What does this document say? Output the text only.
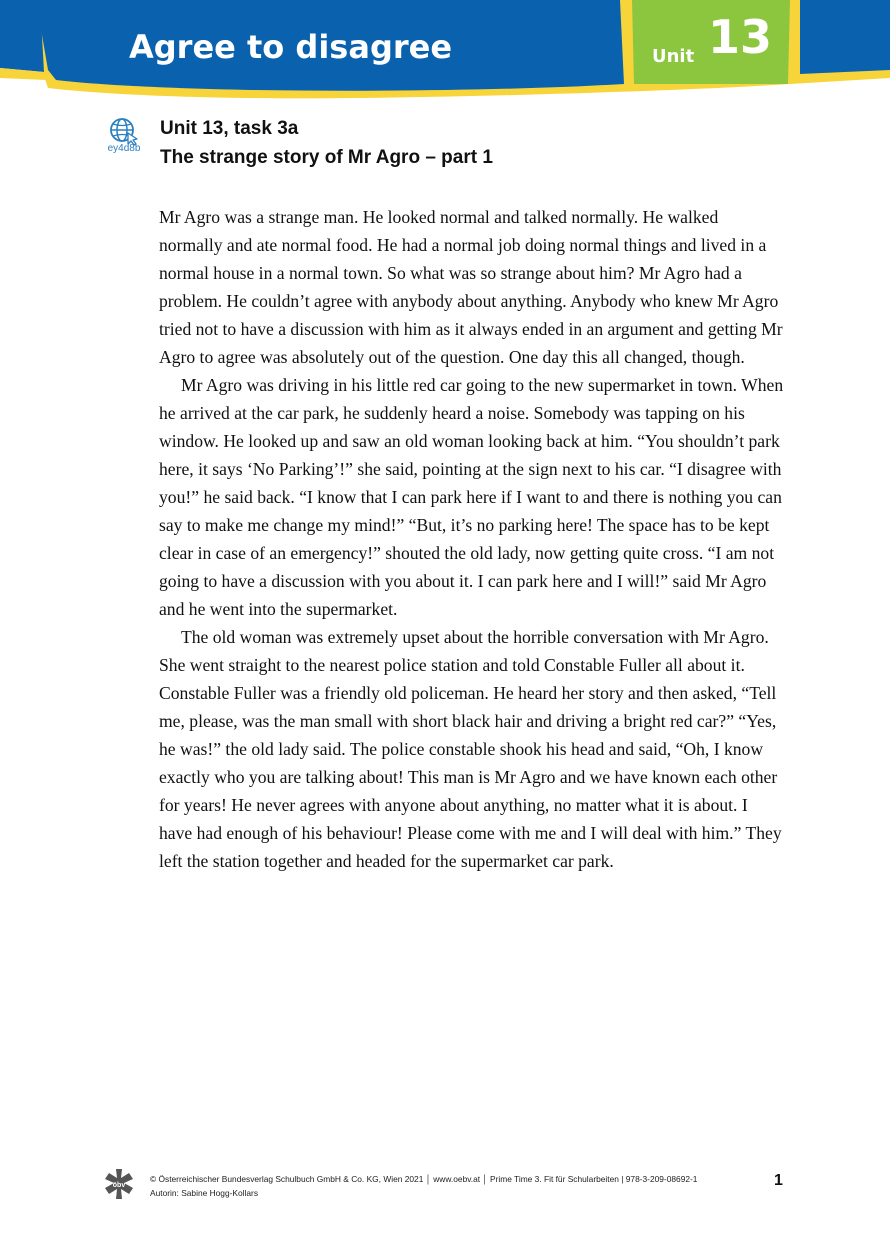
Agree to disagree	Unit 13
ey4d8b
Unit 13, task 3a
The strange story of Mr Agro – part 1

Mr Agro was a strange man. He looked normal and talked normally. He walked normally and ate normal food. He had a normal job doing normal things and lived in a normal house in a normal town. So what was so strange about him? Mr Agro had a problem. He couldn’t agree with anybody about anything. Anybody who knew Mr Agro tried not to have a discussion with him as it always ended in an argument and getting Mr Agro to agree was absolutely out of the question. One day this all changed, though.

Mr Agro was driving in his little red car going to the new supermarket in town. When he arrived at the car park, he suddenly heard a noise. Somebody was tapping on his window. He looked up and saw an old woman looking back at him. “You shouldn’t park here, it says ‘No Parking’!” she said, pointing at the sign next to his car. “I disagree with you!” he said back. “I know that I can park here if I want to and there is nothing you can say to make me change my mind!” “But, it’s no parking here! The space has to be kept clear in case of an emergency!” shouted the old lady, now getting quite cross. “I am not going to have a discussion with you about it. I can park here and I will!” said Mr Agro and he went into the supermarket.

The old woman was extremely upset about the horrible conversation with Mr Agro. She went straight to the nearest police station and told Constable Fuller all about it. Constable Fuller was a friendly old policeman. He heard her story and then asked, “Tell me, please, was the man small with short black hair and driving a bright red car?” “Yes, he was!” the old lady said. The police constable shook his head and said, “Oh, I know exactly who you are talking about! This man is Mr Agro and we have known each other for years! He never agrees with anyone about anything, no matter what it is about. I have had enough of his behaviour! Please come with me and I will deal with him.” They left the station together and headed for the supermarket car park.

öbv
© Österreichischer Bundesverlag Schulbuch GmbH & Co. KG, Wien 2021 │ www.oebv.at │ Prime Time 3. Fit für Schularbeiten | 978-3-209-08692-1
Autorin: Sabine Hogg-Kollars
1
